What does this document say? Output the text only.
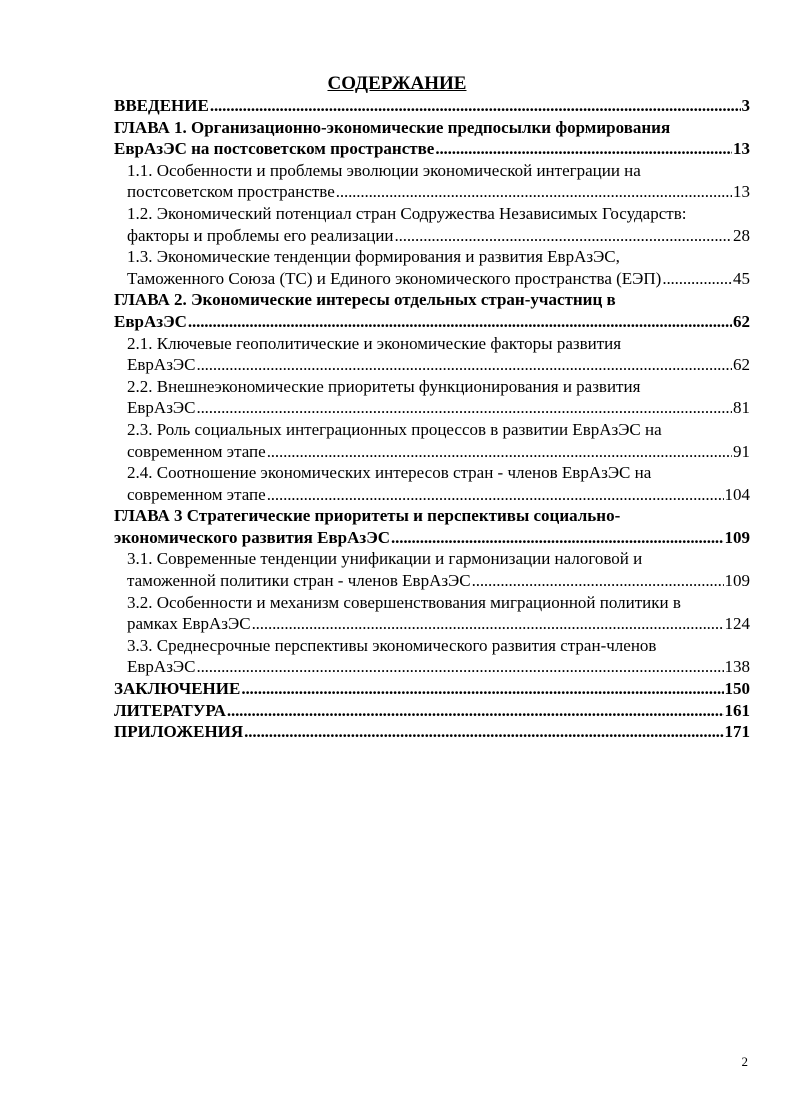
СОДЕРЖАНИЕ
ВВЕДЕНИЕ . . .	3
ГЛАВА 1. Организационно-экономические предпосылки формирования
ЕврАзЭС на постсоветском пространстве . . .	13
1.1. Особенности и проблемы эволюции экономической интеграции на
постсоветском пространстве . . .	13
1.2. Экономический потенциал стран Содружества Независимых Государств:
факторы и проблемы его реализации . . .	28
1.3. Экономические тенденции формирования и развития ЕврАзЭС,
Таможенного Союза (ТС) и Единого экономического пространства (ЕЭП) . . .	45
ГЛАВА 2. Экономические интересы отдельных стран-участниц в
ЕврАзЭС . . .	62
2.1. Ключевые геополитические и экономические факторы развития
ЕврАзЭС . . .	62
2.2. Внешнеэкономические приоритеты функционирования и развития
ЕврАзЭС . . .	81
2.3. Роль социальных интеграционных процессов в развитии ЕврАзЭС на
современном этапе . . .	91
2.4. Соотношение экономических интересов стран - членов ЕврАзЭС на
современном этапе . . .	104
ГЛАВА 3 Стратегические приоритеты и перспективы социально-
экономического развития ЕврАзЭС . . .	109
3.1. Современные тенденции унификации и гармонизации налоговой и
таможенной политики стран - членов ЕврАзЭС . . .	109
3.2. Особенности и механизм совершенствования миграционной политики в
рамках ЕврАзЭС . . .	124
3.3. Среднесрочные перспективы экономического развития стран-членов
ЕврАзЭС . . .	138
ЗАКЛЮЧЕНИЕ . . .	150
ЛИТЕРАТУРА . . .	161
ПРИЛОЖЕНИЯ . . .	171
2
